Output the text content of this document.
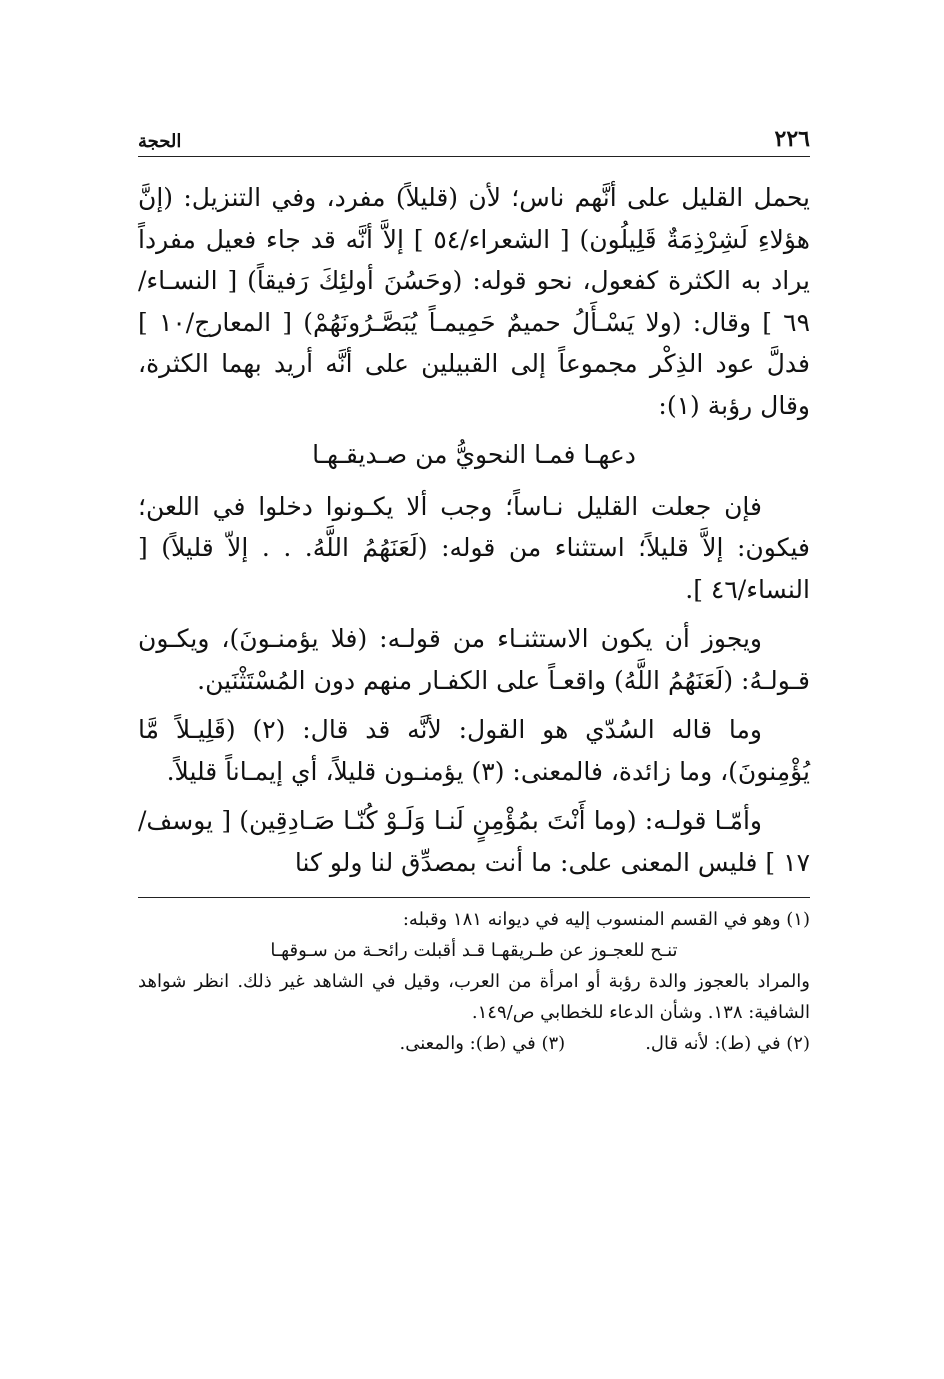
٢٢٦
الحجة

يحمل القليل على أنَّهم ناس؛ لأن (قليلاً) مفرد، وفي التنزيل: (إنَّ هؤلاءِ لَشِرْذِمَةٌ قَلِيلُون) [ الشعراء/٥٤ ] إلاَّ أنَّه قد جاء فعيل مفرداً يراد به الكثرة كفعول، نحو قوله: (وحَسُنَ أولئِكَ رَفيقاً) [ النسـاء/٦٩ ] وقال: (ولا يَسْـأَلُ حميمٌ حَمِيمـاً يُبَصَّـرُونَهُمْ) [ المعارج/١٠ ] فدلَّ عود الذِكْر مجموعاً إلى القبيلين على أنَّه أريد بهما الكثرة، وقال رؤبة (١):

دعهـا فمـا النحويُّ من صـديقـهـا

فإن جعلت القليل نـاساً؛ وجب ألا يكـونوا دخلوا في اللعن؛ فيكون: إلاَّ قليلاً؛ استثناء من قوله: (لَعَنَهُمُ اللَّهُ. . . إلاّ قليلاً) [ النساء/٤٦ ].

ويجوز أن يكون الاستثنـاء من قولـه: (فلا يؤمنـونَ)، ويكـون قـولـهُ: (لَعَنَهُمُ اللَّهُ) واقعـاً على الكفـار منهم دون المُسْتَثْنَين.

وما قاله السُدّي هو القول: لأنَّه قد قال: (٢) (قَلِيـلاً مَّا يُؤْمِنونَ)، وما زائدة، فالمعنى: (٣) يؤمنـون قليلاً، أي إيمـاناً قليلاً.

وأمّـا قولـه: (وما أَنْتَ بمُؤْمِنٍ لَنـا وَلَـوْ كُنّـا صَـادِقِين) [ يوسف/١٧ ] فليس المعنى على: ما أنت بمصدِّق لنا ولو كنا

(١) وهو في القسم المنسوب إليه في ديوانه ١٨١ وقبله:

تنـح للعجـوز عن طـريقهـا قـد أقبلت رائحـة من سـوقهـا

والمراد بالعجوز والدة رؤبة أو امرأة من العرب، وقيل في الشاهد غير ذلك. انظر شواهد الشافية: ١٣٨. وشأن الدعاء للخطابي ص/١٤٩.

(٢) في (ط): لأنه قال.
(٣) في (ط): والمعنى.
